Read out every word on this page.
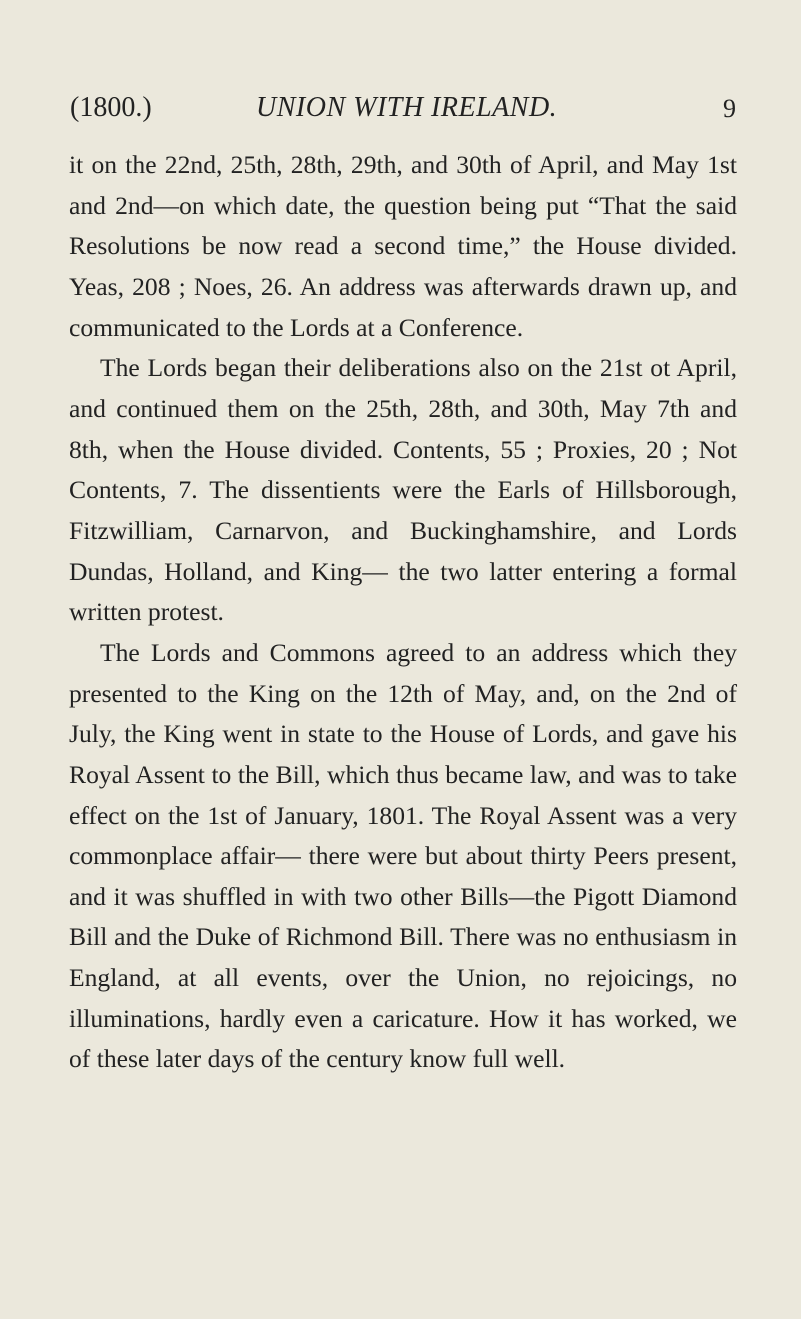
(1800.)	UNION WITH IRELAND.	9

it on the 22nd, 25th, 28th, 29th, and 30th of April, and May 1st and 2nd—on which date, the question being put “That the said Resolutions be now read a second time,” the House divided. Yeas, 208 ; Noes, 26. An address was afterwards drawn up, and communicated to the Lords at a Conference.

The Lords began their deliberations also on the 21st ot April, and continued them on the 25th, 28th, and 30th, May 7th and 8th, when the House divided. Contents, 55 ; Proxies, 20 ; Not Contents, 7. The dissentients were the Earls of Hillsborough, Fitzwilliam, Carnarvon, and Buckinghamshire, and Lords Dundas, Holland, and King— the two latter entering a formal written protest.

The Lords and Commons agreed to an address which they presented to the King on the 12th of May, and, on the 2nd of July, the King went in state to the House of Lords, and gave his Royal Assent to the Bill, which thus became law, and was to take effect on the 1st of January, 1801. The Royal Assent was a very commonplace affair— there were but about thirty Peers present, and it was shuffled in with two other Bills—the Pigott Diamond Bill and the Duke of Richmond Bill. There was no enthusiasm in England, at all events, over the Union, no rejoicings, no illuminations, hardly even a caricature. How it has worked, we of these later days of the century know full well.
